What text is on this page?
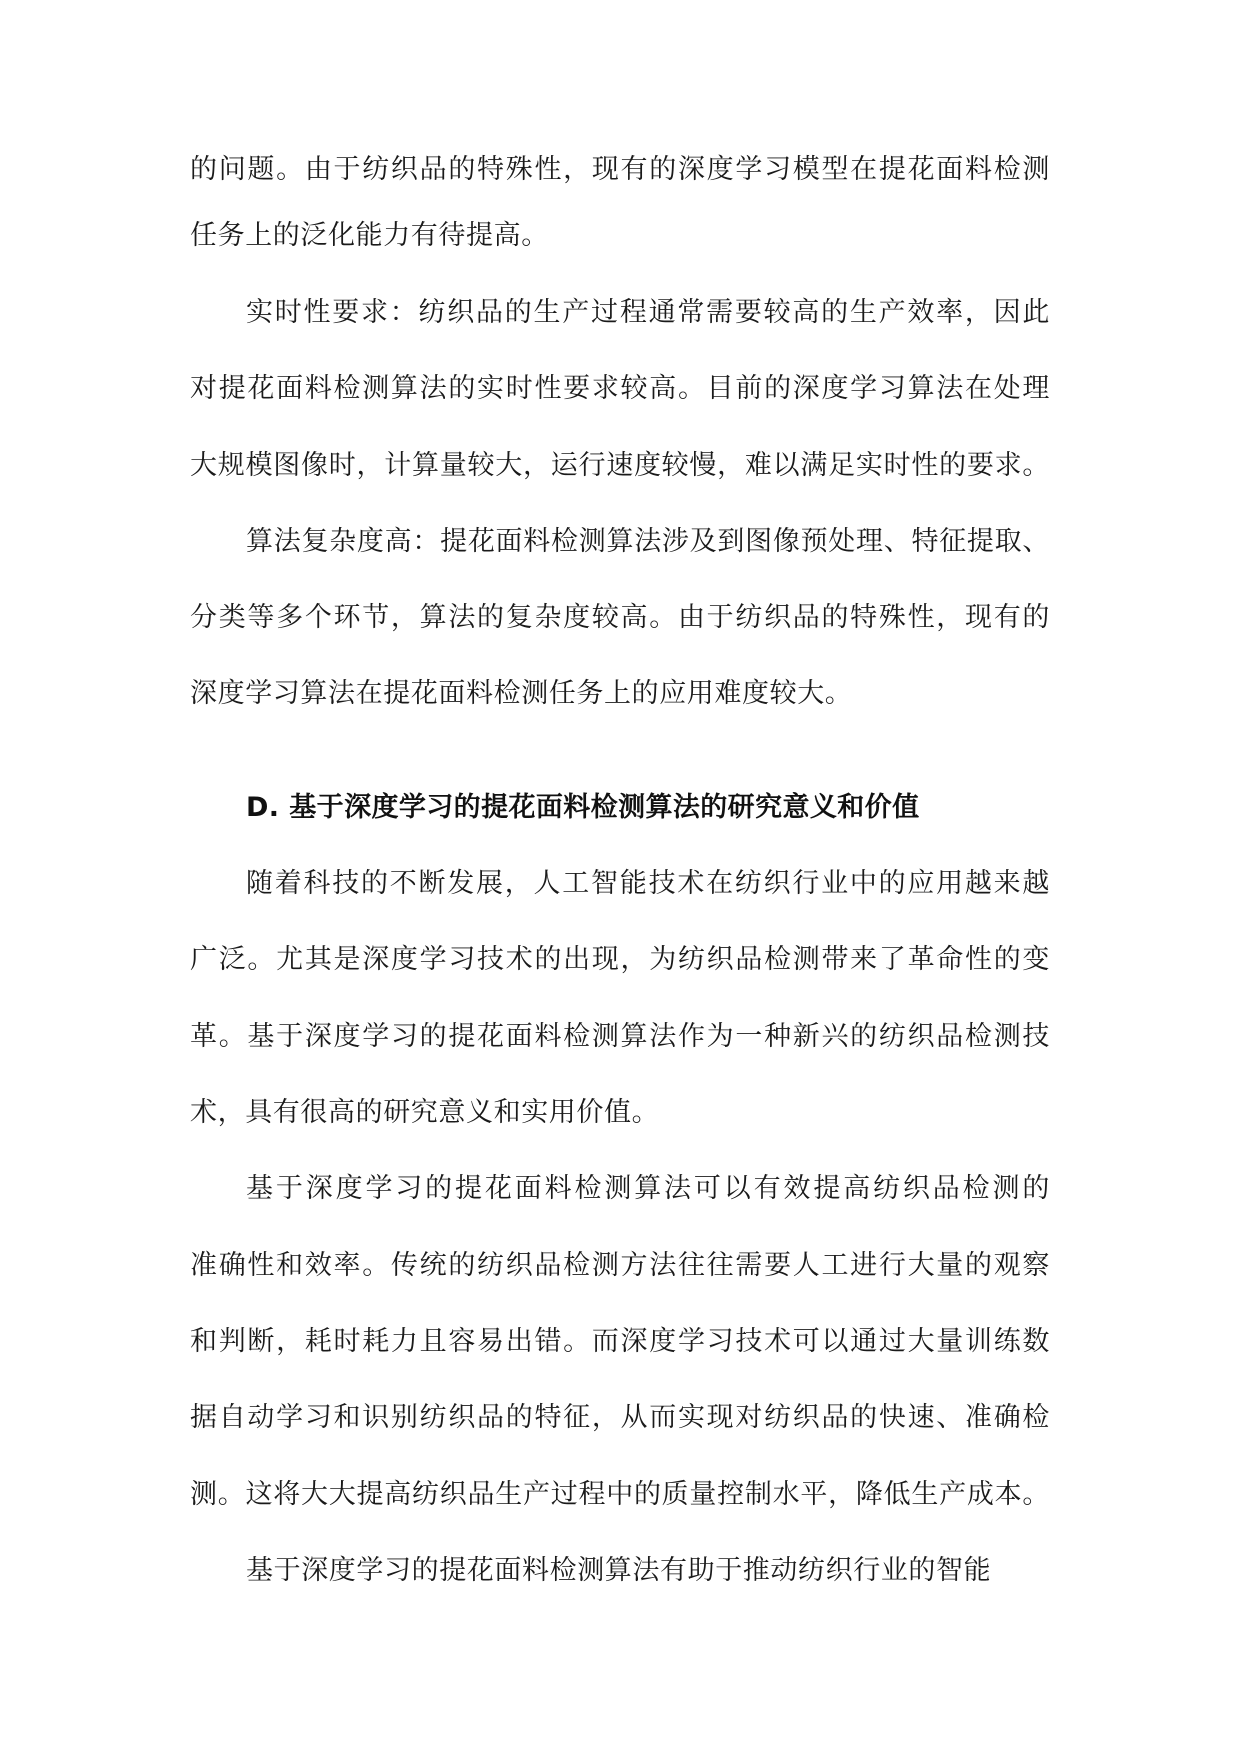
的问题。由于纺织品的特殊性，现有的深度学习模型在提花面料检测
任务上的泛化能力有待提高。
实时性要求：纺织品的生产过程通常需要较高的生产效率，因此
对提花面料检测算法的实时性要求较高。目前的深度学习算法在处理
大规模图像时，计算量较大，运行速度较慢，难以满足实时性的要求。
算法复杂度高：提花面料检测算法涉及到图像预处理、特征提取、
分类等多个环节，算法的复杂度较高。由于纺织品的特殊性，现有的
深度学习算法在提花面料检测任务上的应用难度较大。
D. 基于深度学习的提花面料检测算法的研究意义和价值
随着科技的不断发展，人工智能技术在纺织行业中的应用越来越
广泛。尤其是深度学习技术的出现，为纺织品检测带来了革命性的变
革。基于深度学习的提花面料检测算法作为一种新兴的纺织品检测技
术，具有很高的研究意义和实用价值。
基于深度学习的提花面料检测算法可以有效提高纺织品检测的
准确性和效率。传统的纺织品检测方法往往需要人工进行大量的观察
和判断，耗时耗力且容易出错。而深度学习技术可以通过大量训练数
据自动学习和识别纺织品的特征，从而实现对纺织品的快速、准确检
测。这将大大提高纺织品生产过程中的质量控制水平，降低生产成本。
基于深度学习的提花面料检测算法有助于推动纺织行业的智能
